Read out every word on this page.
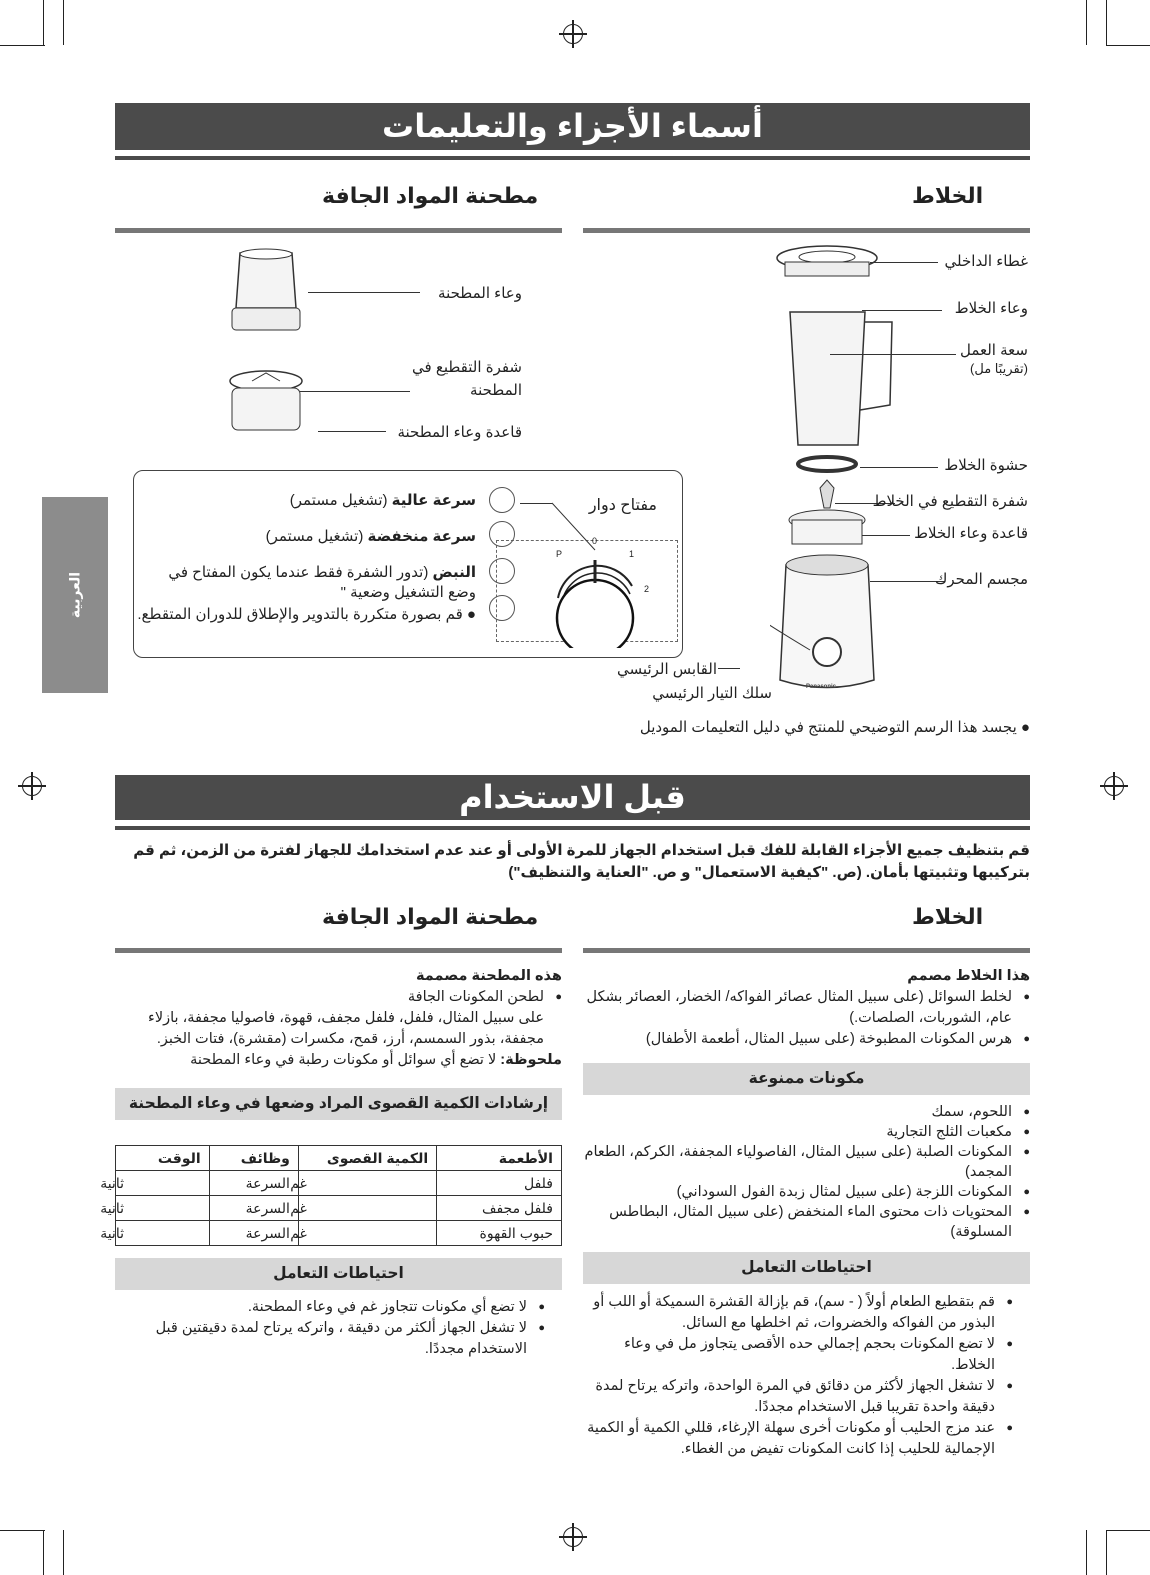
العربية
أسماء الأجزاء والتعليمات
الخلاط
مطحنة المواد الجافة
Panasonic
غطاء الداخلي
وعاء الخلاط
سعة العمل
(تقريبًا مل)
حشوة الخلاط
شفرة التقطيع في الخلاط
قاعدة وعاء الخلاط
مجسم المحرك
القابس الرئيسي
سلك التيار الرئيسي
وعاء المطحنة
شفرة التقطيع في
المطحنة
قاعدة وعاء المطحنة
مفتاح دوار
0
P	1
2
سرعة عالية (تشغيل مستمر)
سرعة منخفضة (تشغيل مستمر)
النبض (تدور الشفرة فقط عندما يكون المفتاح في وضع التشغيل وضعية "
● قم بصورة متكررة بالتدوير والإطلاق للدوران المتقطع.
● يجسد هذا الرسم التوضيحي للمنتج في دليل التعليمات الموديل
قبل الاستخدام
قم بتنظيف جميع الأجزاء القابلة للفك قبل استخدام الجهاز للمرة الأولى أو عند عدم استخدامك للجهاز لفترة من الزمن، ثم قم بتركيبها وتثبيتها بأمان. (ص. "كيفية الاستعمال" و ص. "العناية والتنظيف")
الخلاط
مطحنة المواد الجافة
هذا الخلاط مصمم
● لخلط السوائل (على سبيل المثال عصائر الفواكه/ الخضار، العصائر بشكل عام، الشوربات، الصلصات.)
● هرس المكونات المطبوخة (على سبيل المثال، أطعمة الأطفال)
مكونات ممنوعة
● اللحوم، سمك
● مكعبات الثلج التجارية
● المكونات الصلبة (على سبيل المثال، الفاصولياء المجففة، الكركم، الطعام المجمد)
● المكونات اللزجة (على سبيل لمثال زبدة الفول السوداني)
● المحتويات ذات محتوى الماء المنخفض (على سبيل المثال، البطاطس المسلوقة)
احتياطات التعامل
● قم بتقطيع الطعام أولاً ( - سم)، قم بإزالة القشرة السميكة أو اللب أو البذور من الفواكه والخضروات، ثم اخلطها مع السائل.
● لا تضع المكونات بحجم إجمالي حده الأقصى يتجاوز مل في وعاء الخلاط.
● لا تشغل الجهاز لأكثر من دقائق في المرة الواحدة، واتركه يرتاح لمدة دقيقة واحدة تقريبا قبل الاستخدام مجددًا.
● عند مزج الحليب أو مكونات أخرى سهلة الإرغاء، قللي الكمية أو الكمية الإجمالية للحليب إذا كانت المكونات تفيض من الغطاء.
هذه المطحنة مصممة
● لطحن المكونات الجافة
على سبيل المثال، فلفل، فلفل مجفف، قهوة، فاصوليا مجففة، بازلاء مجففة، بذور السمسم، أرز، قمح، مكسرات (مقشرة)، فتات الخبز.
ملحوظة: لا تضع أي سوائل أو مكونات رطبة في وعاء المطحنة
إرشادات الكمية القصوى المراد وضعها في وعاء المطحنة
الأطعمة	الكمية القصوى	وظائف	الوقت
فلفل	غم	السرعة	ثانية
فلفل مجفف	غم	السرعة	ثانية
حبوب القهوة	غم	السرعة	ثانية
احتياطات التعامل
● لا تضع أي مكونات تتجاوز غم في وعاء المطحنة.
● لا تشغل الجهاز ألكثر من دقيقة ، واتركه يرتاح لمدة دقيقتين قبل الاستخدام مجددًا.
